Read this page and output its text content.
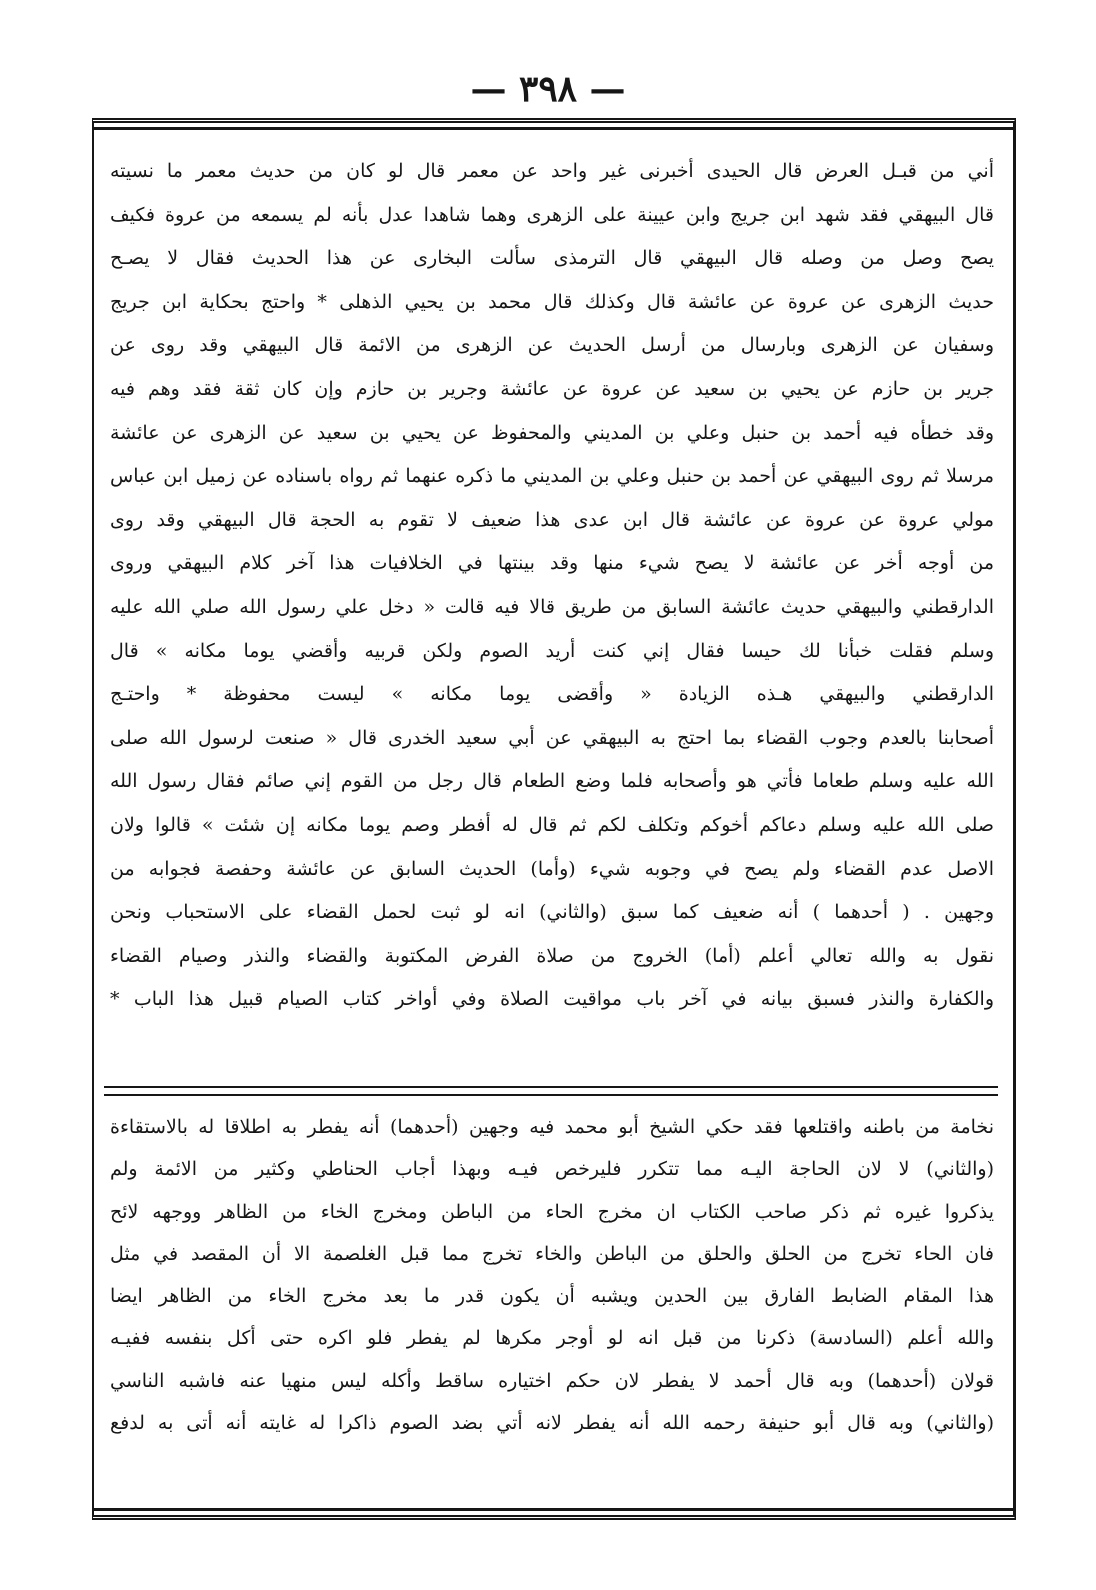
— ٣٩٨ —
أني من قبـل العرض قال الحيدى أخبرنى غير واحد عن معمر قال لو كان من حديث معمر ما نسيته
قال البيهقي فقد شهد ابن جريج وابن عيينة على الزهرى وهما شاهدا عدل بأنه لم يسمعه من عروة فكيف
يصح وصل من وصله قال البيهقي قال الترمذى سألت البخارى عن هذا الحديث فقال لا يصـح
حديث الزهرى عن عروة عن عائشة قال وكذلك قال محمد بن يحيي الذهلى * واحتج بحكاية ابن جريج
وسفيان عن الزهرى وبارسال من أرسل الحديث عن الزهرى من الائمة قال البيهقي وقد روى عن
جرير بن حازم عن يحيي بن سعيد عن عروة عن عائشة وجرير بن حازم وإن كان ثقة فقد وهم فيه
وقد خطأه فيه أحمد بن حنبل وعلي بن المديني والمحفوظ عن يحيي بن سعيد عن الزهرى عن عائشة
مرسلا ثم روى البيهقي عن أحمد بن حنبل وعلي بن المديني ما ذكره عنهما ثم رواه باسناده عن زميل ابن عباس
مولي عروة عن عروة عن عائشة قال ابن عدى هذا ضعيف لا تقوم به الحجة قال البيهقي وقد روى
من أوجه أخر عن عائشة لا يصح شيء منها وقد بينتها في الخلافيات هذا آخر كلام البيهقي وروى
الدارقطني والبيهقي حديث عائشة السابق من طريق قالا فيه قالت « دخل علي رسول الله صلي الله عليه
وسلم فقلت خبأنا لك حيسا فقال إني كنت أريد الصوم ولكن قربيه وأقضي يوما مكانه » قال
الدارقطني والبيهقي هـذه الزيادة « وأقضى يوما مكانه » ليست محفوظة * واحتـج
أصحابنا بالعدم وجوب القضاء بما احتج به البيهقي عن أبي سعيد الخدرى قال « صنعت لرسول الله صلى
الله عليه وسلم طعاما فأتي هو وأصحابه فلما وضع الطعام قال رجل من القوم إني صائم فقال رسول الله
صلى الله عليه وسلم دعاكم أخوكم وتكلف لكم ثم قال له أفطر وصم يوما مكانه إن شئت » قالوا ولان
الاصل عدم القضاء ولم يصح في وجوبه شيء (وأما) الحديث السابق عن عائشة وحفصة فجوابه من
وجهين . ( أحدهما ) أنه ضعيف كما سبق (والثاني) انه لو ثبت لحمل القضاء على الاستحباب ونحن
نقول به والله تعالي أعلم (أما) الخروج من صلاة الفرض المكتوبة والقضاء والنذر وصيام القضاء
والكفارة والنذر فسبق بيانه في آخر باب مواقيت الصلاة وفي أواخر كتاب الصيام قبيل هذا الباب *
نخامة من باطنه واقتلعها فقد حكي الشيخ أبو محمد فيه وجهين (أحدهما) أنه يفطر به اطلاقا له بالاستقاءة
(والثاني) لا لان الحاجة اليـه مما تتكرر فليرخص فيـه وبهذا أجاب الحناطي وكثير من الائمة ولم
يذكروا غيره ثم ذكر صاحب الكتاب ان مخرج الحاء من الباطن ومخرج الخاء من الظاهر ووجهه لائح
فان الحاء تخرج من الحلق والحلق من الباطن والخاء تخرج مما قبل الغلصمة الا أن المقصد في مثل
هذا المقام الضابط الفارق بين الحدين ويشبه أن يكون قدر ما بعد مخرج الخاء من الظاهر ايضا
والله أعلم (السادسة) ذكرنا من قبل انه لو أوجر مكرها لم يفطر فلو اكره حتى أكل بنفسه ففيـه
قولان (أحدهما) وبه قال أحمد لا يفطر لان حكم اختياره ساقط وأكله ليس منهيا عنه فاشبه الناسي
(والثاني) وبه قال أبو حنيفة رحمه الله أنه يفطر لانه أتي بضد الصوم ذاكرا له غايته أنه أتى به لدفع
